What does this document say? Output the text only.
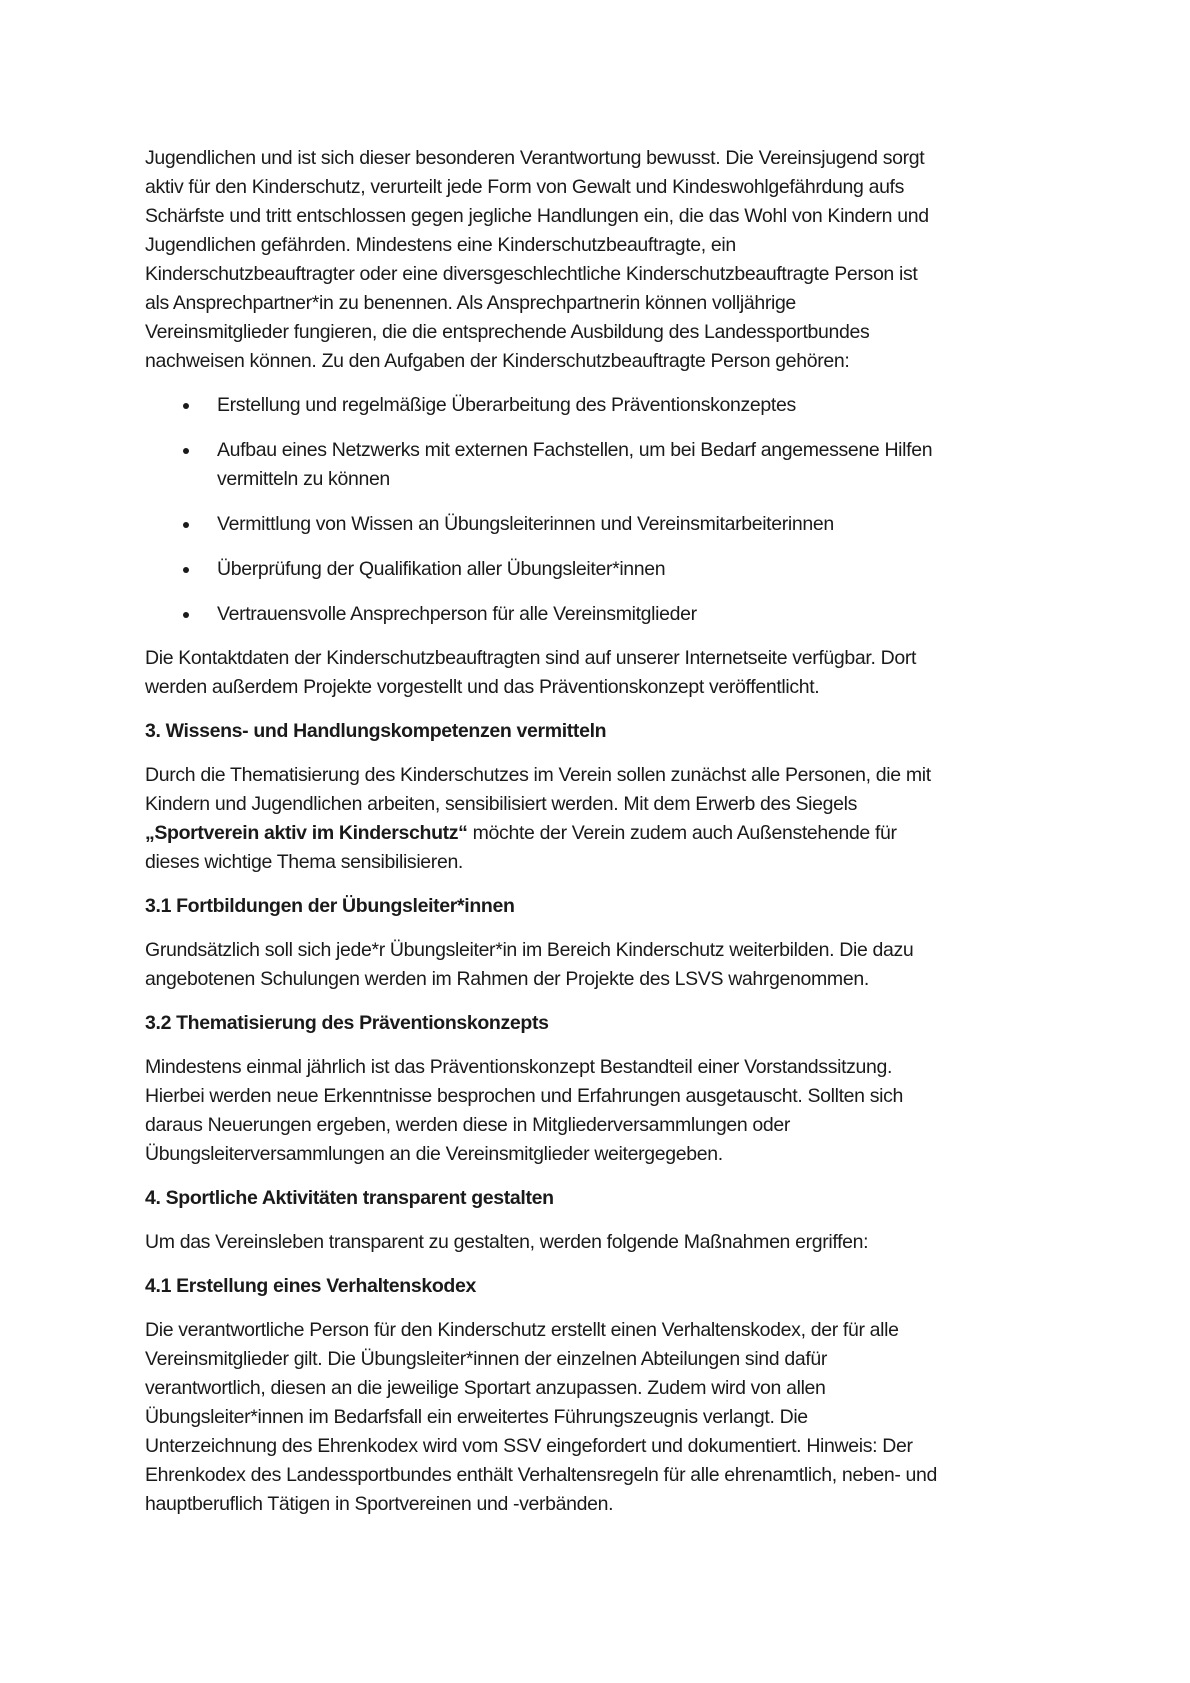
Jugendlichen und ist sich dieser besonderen Verantwortung bewusst. Die Vereinsjugend sorgt
aktiv für den Kinderschutz, verurteilt jede Form von Gewalt und Kindeswohlgefährdung aufs
Schärfste und tritt entschlossen gegen jegliche Handlungen ein, die das Wohl von Kindern und
Jugendlichen gefährden. Mindestens eine Kinderschutzbeauftragte, ein
Kinderschutzbeauftragter oder eine diversgeschlechtliche Kinderschutzbeauftragte Person ist
als Ansprechpartner*in zu benennen. Als Ansprechpartnerin können volljährige
Vereinsmitglieder fungieren, die die entsprechende Ausbildung des Landessportbundes
nachweisen können. Zu den Aufgaben der Kinderschutzbeauftragte Person gehören:
Erstellung und regelmäßige Überarbeitung des Präventionskonzeptes
Aufbau eines Netzwerks mit externen Fachstellen, um bei Bedarf angemessene Hilfen
vermitteln zu können
Vermittlung von Wissen an Übungsleiterinnen und Vereinsmitarbeiterinnen
Überprüfung der Qualifikation aller Übungsleiter*innen
Vertrauensvolle Ansprechperson für alle Vereinsmitglieder
Die Kontaktdaten der Kinderschutzbeauftragten sind auf unserer Internetseite verfügbar. Dort
werden außerdem Projekte vorgestellt und das Präventionskonzept veröffentlicht.
3. Wissens- und Handlungskompetenzen vermitteln
Durch die Thematisierung des Kinderschutzes im Verein sollen zunächst alle Personen, die mit
Kindern und Jugendlichen arbeiten, sensibilisiert werden. Mit dem Erwerb des Siegels
„Sportverein aktiv im Kinderschutz“ möchte der Verein zudem auch Außenstehende für
dieses wichtige Thema sensibilisieren.
3.1 Fortbildungen der Übungsleiter*innen
Grundsätzlich soll sich jede*r Übungsleiter*in im Bereich Kinderschutz weiterbilden. Die dazu
angebotenen Schulungen werden im Rahmen der Projekte des LSVS wahrgenommen.
3.2 Thematisierung des Präventionskonzepts
Mindestens einmal jährlich ist das Präventionskonzept Bestandteil einer Vorstandssitzung.
Hierbei werden neue Erkenntnisse besprochen und Erfahrungen ausgetauscht. Sollten sich
daraus Neuerungen ergeben, werden diese in Mitgliederversammlungen oder
Übungsleiterversammlungen an die Vereinsmitglieder weitergegeben.
4. Sportliche Aktivitäten transparent gestalten
Um das Vereinsleben transparent zu gestalten, werden folgende Maßnahmen ergriffen:
4.1 Erstellung eines Verhaltenskodex
Die verantwortliche Person für den Kinderschutz erstellt einen Verhaltenskodex, der für alle
Vereinsmitglieder gilt. Die Übungsleiter*innen der einzelnen Abteilungen sind dafür
verantwortlich, diesen an die jeweilige Sportart anzupassen. Zudem wird von allen
Übungsleiter*innen im Bedarfsfall ein erweitertes Führungszeugnis verlangt. Die
Unterzeichnung des Ehrenkodex wird vom SSV eingefordert und dokumentiert. Hinweis: Der
Ehrenkodex des Landessportbundes enthält Verhaltensregeln für alle ehrenamtlich, neben- und
hauptberuflich Tätigen in Sportvereinen und -verbänden.
